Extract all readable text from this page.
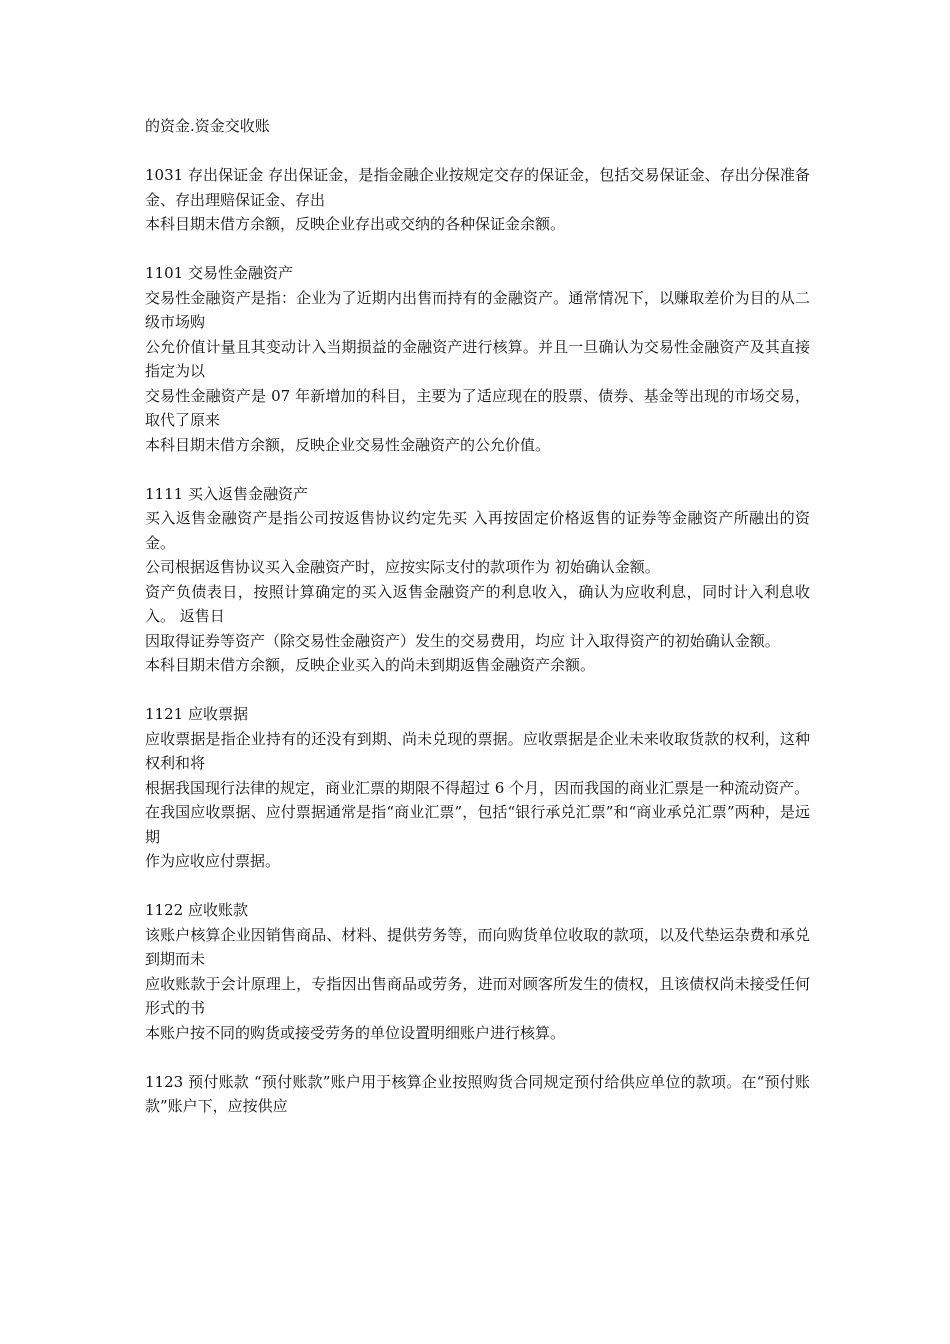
的资金.资金交收账
1031 存出保证金 存出保证金，是指金融企业按规定交存的保证金，包括交易保证金、存出分保准备金、存出理赔保证金、存出
本科目期末借方余额，反映企业存出或交纳的各种保证金余额。
1101 交易性金融资产
交易性金融资产是指：企业为了近期内出售而持有的金融资产。通常情况下，以赚取差价为目的从二级市场购
公允价值计量且其变动计入当期损益的金融资产进行核算。并且一旦确认为交易性金融资产及其直接指定为以
交易性金融资产是 07 年新增加的科目，主要为了适应现在的股票、债券、基金等出现的市场交易，取代了原来
本科目期末借方余额，反映企业交易性金融资产的公允价值。
1111 买入返售金融资产
买入返售金融资产是指公司按返售协议约定先买 入再按固定价格返售的证券等金融资产所融出的资金。
公司根据返售协议买入金融资产时，应按实际支付的款项作为 初始确认金额。
资产负债表日，按照计算确定的买入返售金融资产的利息收入，确认为应收利息，同时计入利息收入。 返售日
因取得证券等资产（除交易性金融资产）发生的交易费用，均应 计入取得资产的初始确认金额。
本科目期末借方余额，反映企业买入的尚未到期返售金融资产余额。
1121 应收票据
应收票据是指企业持有的还没有到期、尚未兑现的票据。应收票据是企业未来收取货款的权利，这种权利和将
根据我国现行法律的规定，商业汇票的期限不得超过 6 个月，因而我国的商业汇票是一种流动资产。
在我国应收票据、应付票据通常是指“商业汇票”，包括“银行承兑汇票”和“商业承兑汇票”两种，是远期
作为应收应付票据。
1122 应收账款
该账户核算企业因销售商品、材料、提供劳务等，而向购货单位收取的款项，以及代垫运杂费和承兑到期而未
应收账款于会计原理上，专指因出售商品或劳务，进而对顾客所发生的债权，且该债权尚未接受任何形式的书
本账户按不同的购货或接受劳务的单位设置明细账户进行核算。
1123 预付账款 “预付账款”账户用于核算企业按照购货合同规定预付给供应单位的款项。在“预付账款”账户下，应按供应
